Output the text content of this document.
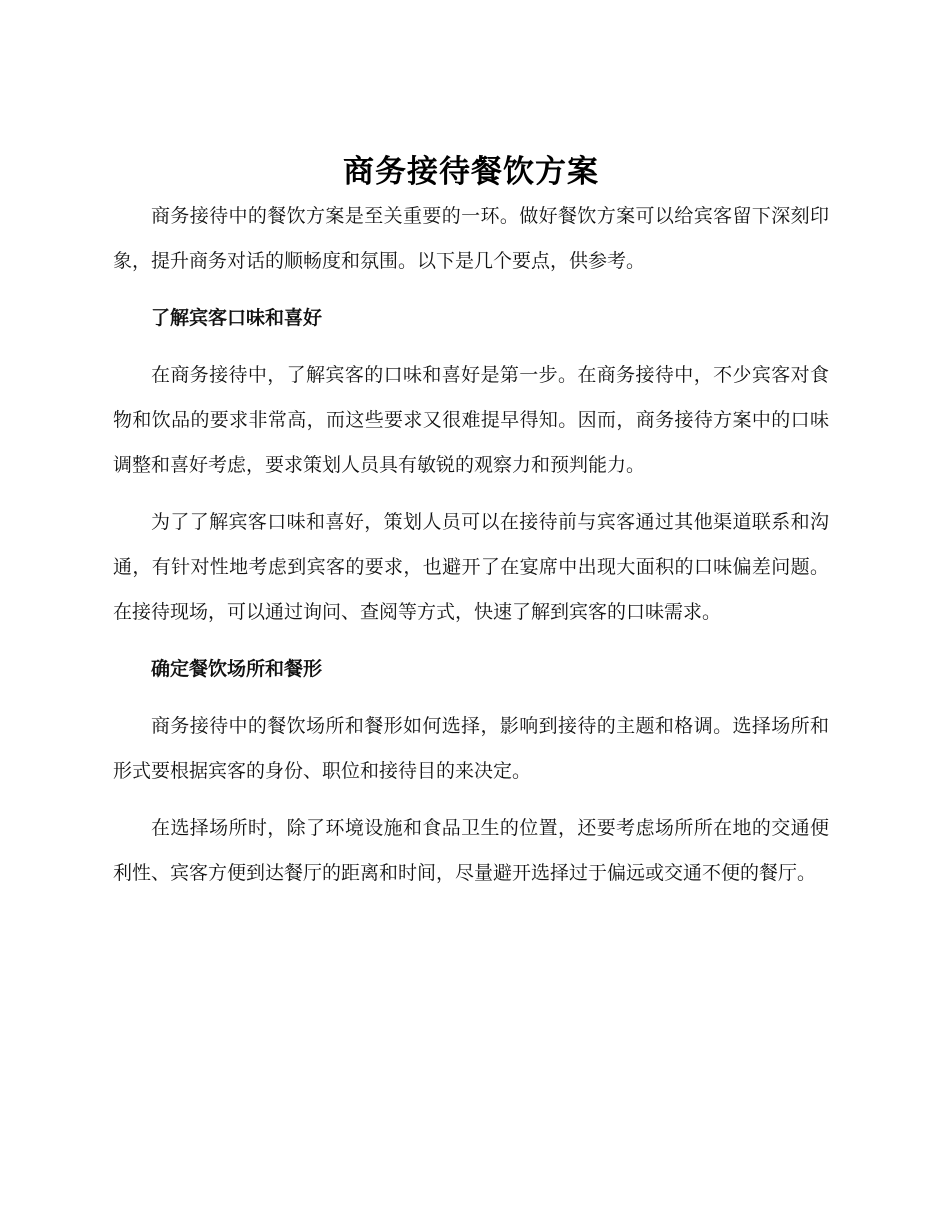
商务接待餐饮方案

商务接待中的餐饮方案是至关重要的一环。做好餐饮方案可以给宾客留下深刻印象，提升商务对话的顺畅度和氛围。以下是几个要点，供参考。

了解宾客口味和喜好

在商务接待中，了解宾客的口味和喜好是第一步。在商务接待中，不少宾客对食物和饮品的要求非常高，而这些要求又很难提早得知。因而，商务接待方案中的口味调整和喜好考虑，要求策划人员具有敏锐的观察力和预判能力。

为了了解宾客口味和喜好，策划人员可以在接待前与宾客通过其他渠道联系和沟通，有针对性地考虑到宾客的要求，也避开了在宴席中出现大面积的口味偏差问题。在接待现场，可以通过询问、查阅等方式，快速了解到宾客的口味需求。

确定餐饮场所和餐形

商务接待中的餐饮场所和餐形如何选择，影响到接待的主题和格调。选择场所和形式要根据宾客的身份、职位和接待目的来决定。

在选择场所时，除了环境设施和食品卫生的位置，还要考虑场所所在地的交通便利性、宾客方便到达餐厅的距离和时间，尽量避开选择过于偏远或交通不便的餐厅。
